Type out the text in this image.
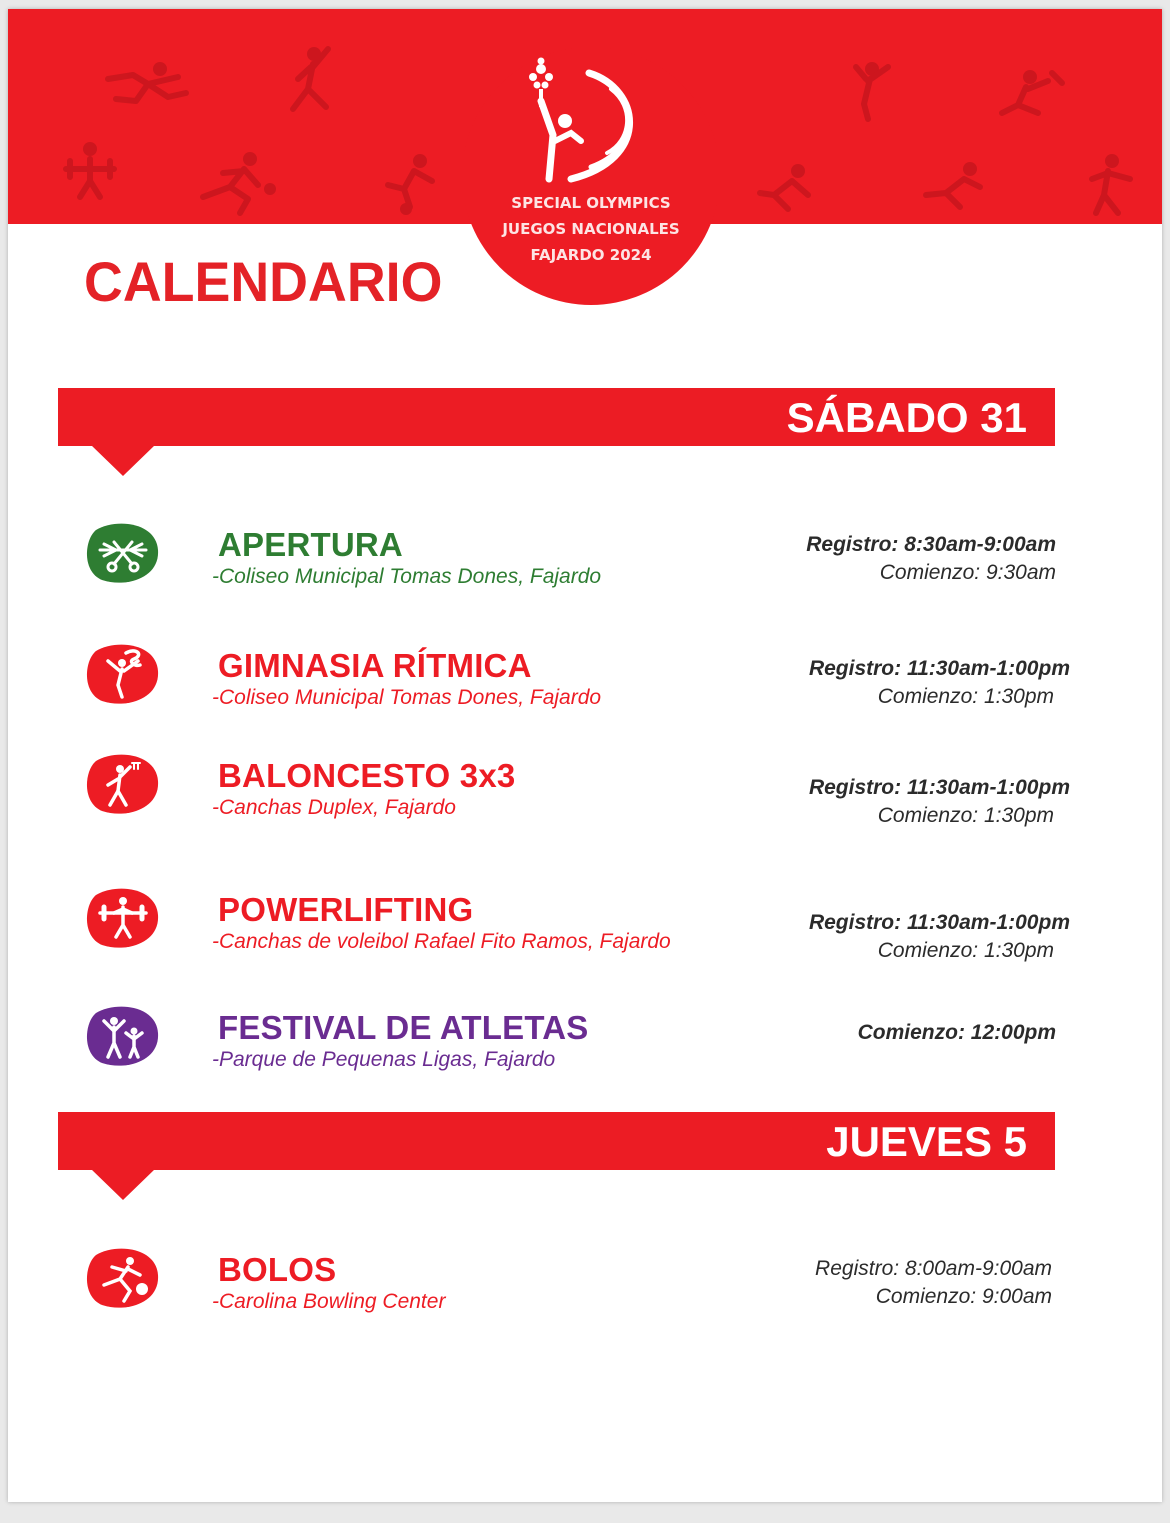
SPECIAL OLYMPICS
JUEGOS NACIONALES
FAJARDO 2024
CALENDARIO
SÁBADO 31
APERTURA
-Coliseo Municipal Tomas Dones, Fajardo
Registro: 8:30am-9:00am
Comienzo: 9:30am
GIMNASIA RÍTMICA
-Coliseo Municipal Tomas Dones, Fajardo
Registro: 11:30am-1:00pm
Comienzo: 1:30pm
BALONCESTO 3x3
-Canchas Duplex, Fajardo
Registro: 11:30am-1:00pm
Comienzo: 1:30pm
POWERLIFTING
-Canchas de voleibol Rafael Fito Ramos, Fajardo
Registro: 11:30am-1:00pm
Comienzo: 1:30pm
FESTIVAL DE ATLETAS
-Parque de Pequenas Ligas, Fajardo
Comienzo: 12:00pm
JUEVES 5
BOLOS
-Carolina Bowling Center
Registro: 8:00am-9:00am
Comienzo: 9:00am
